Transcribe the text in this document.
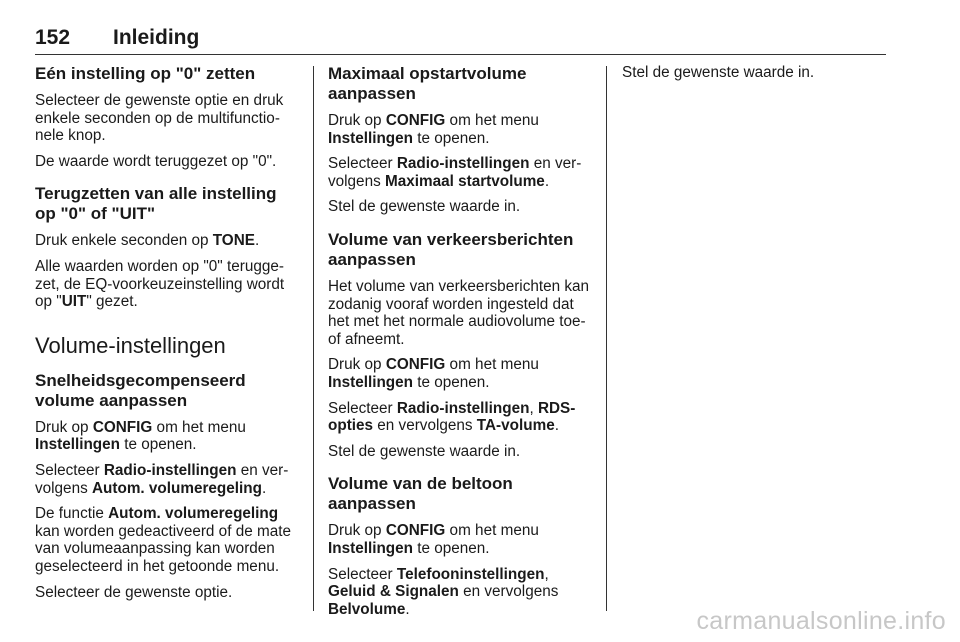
152 Inleiding
Eén instelling op "0" zetten

Selecteer de gewenste optie en druk enkele seconden op de multifunctio- nele knop.

De waarde wordt teruggezet op "0".

Terugzetten van alle instelling op "0" of "UIT"

Druk enkele seconden op TONE.

Alle waarden worden op "0" terugge- zet, de EQ-voorkeuzeinstelling wordt op "UIT" gezet.

Volume-instellingen
Snelheidsgecompenseerd volume aanpassen

Druk op CONFIG om het menu Instellingen te openen.

Selecteer Radio-instellingen en ver- volgens Autom. volumeregeling.

De functie Autom. volumeregeling kan worden gedeactiveerd of de mate van volumeaanpassing kan worden geselecteerd in het getoonde menu.

Selecteer de gewenste optie.

Maximaal opstartvolume aanpassen

Druk op CONFIG om het menu Instellingen te openen.

Selecteer Radio-instellingen en ver- volgens Maximaal startvolume.

Stel de gewenste waarde in.

Volume van verkeersberichten aanpassen

Het volume van verkeersberichten kan zodanig vooraf worden ingesteld dat het met het normale audiovolume toe- of afneemt.

Druk op CONFIG om het menu Instellingen te openen.

Selecteer Radio-instellingen, RDS- opties en vervolgens TA-volume.

Stel de gewenste waarde in.

Volume van de beltoon aanpassen

Druk op CONFIG om het menu Instellingen te openen.

Selecteer Telefooninstellingen, Geluid & Signalen en vervolgens Belvolume.

Stel de gewenste waarde in.

carmanualsonline.info
